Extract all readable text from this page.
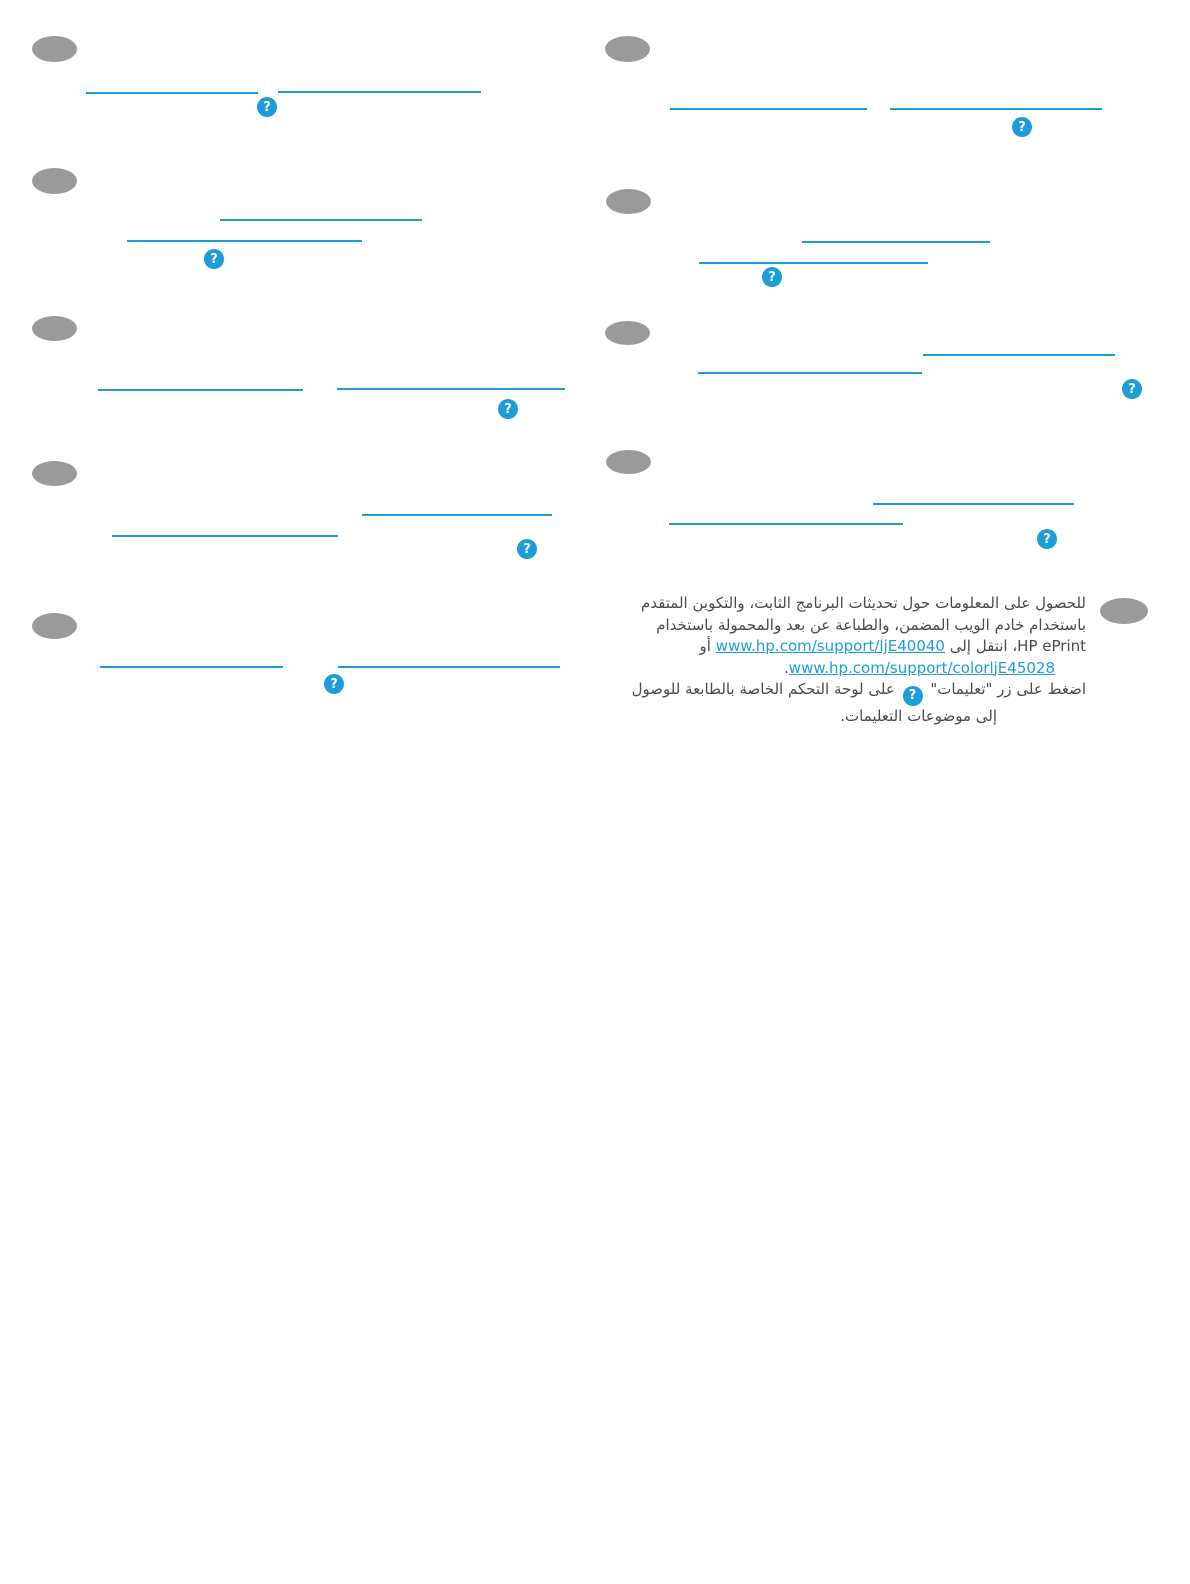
?
?
?
?
?
?
?
?
?
للحصول على المعلومات حول تحديثات البرنامج الثابت، والتكوين المتقدم
باستخدام خادم الويب المضمن، والطباعة عن بعد والمحمولة باستخدام
HP ePrint، انتقل إلى www.hp.com/support/ljE40040 أو
www.hp.com/support/colorljE45028.
اضغط على زر "تعليمات"
?
على لوحة التحكم الخاصة بالطابعة للوصول
إلى موضوعات التعليمات.
